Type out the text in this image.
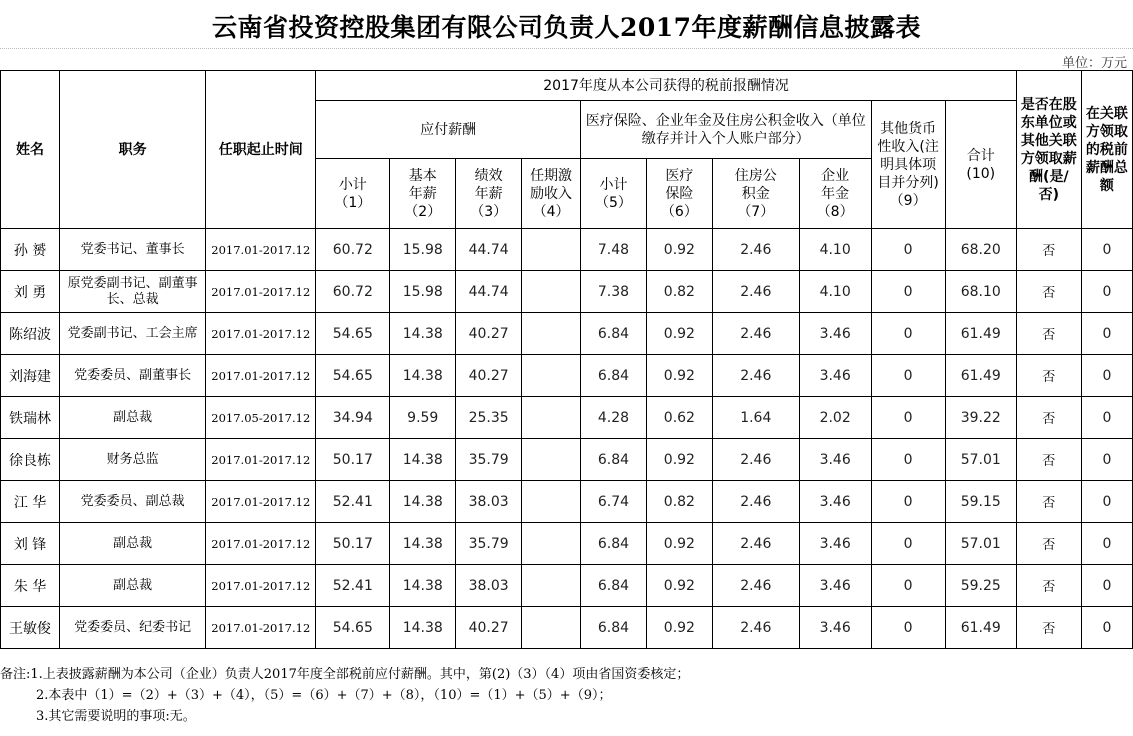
云南省投资控股集团有限公司负责人2017年度薪酬信息披露表
单位：万元
姓名	职务	任职起止时间	2017年度从本公司获得的税前报酬情况										是否在股东单位或其他关联方领取薪酬(是/否)	在关联方领取的税前薪酬总额
			应付薪酬				医疗保险、企业年金及住房公积金收入（单位缴存并计入个人账户部分）				其他货币性收入(注明具体项目并分列)（9）	合计(10)		
			小计（1）	基本年薪（2）	绩效年薪（3）	任期激励收入（4）	小计（5）	医疗保险（6）	住房公积金（7）	企业年金（8）				
孙 赟	党委书记、董事长	2017.01-2017.12	60.72	15.98	44.74		7.48	0.92	2.46	4.10	0	68.20	否	0
刘 勇	原党委副书记、副董事长、总裁	2017.01-2017.12	60.72	15.98	44.74		7.38	0.82	2.46	4.10	0	68.10	否	0
陈绍波	党委副书记、工会主席	2017.01-2017.12	54.65	14.38	40.27		6.84	0.92	2.46	3.46	0	61.49	否	0
刘海建	党委委员、副董事长	2017.01-2017.12	54.65	14.38	40.27		6.84	0.92	2.46	3.46	0	61.49	否	0
铁瑞林	副总裁	2017.05-2017.12	34.94	9.59	25.35		4.28	0.62	1.64	2.02	0	39.22	否	0
徐良栋	财务总监	2017.01-2017.12	50.17	14.38	35.79		6.84	0.92	2.46	3.46	0	57.01	否	0
江 华	党委委员、副总裁	2017.01-2017.12	52.41	14.38	38.03		6.74	0.82	2.46	3.46	0	59.15	否	0
刘 锋	副总裁	2017.01-2017.12	50.17	14.38	35.79		6.84	0.92	2.46	3.46	0	57.01	否	0
朱 华	副总裁	2017.01-2017.12	52.41	14.38	38.03		6.84	0.92	2.46	3.46	0	59.25	否	0
王敏俊	党委委员、纪委书记	2017.01-2017.12	54.65	14.38	40.27		6.84	0.92	2.46	3.46	0	61.49	否	0
备注:1.上表披露薪酬为本公司（企业）负责人2017年度全部税前应付薪酬。其中，第(2)（3）（4）项由省国资委核定；
2.本表中（1）=（2）+（3）+（4），（5）=（6）+（7）+（8），（10）=（1）+（5）+（9）；
3.其它需要说明的事项:无。
